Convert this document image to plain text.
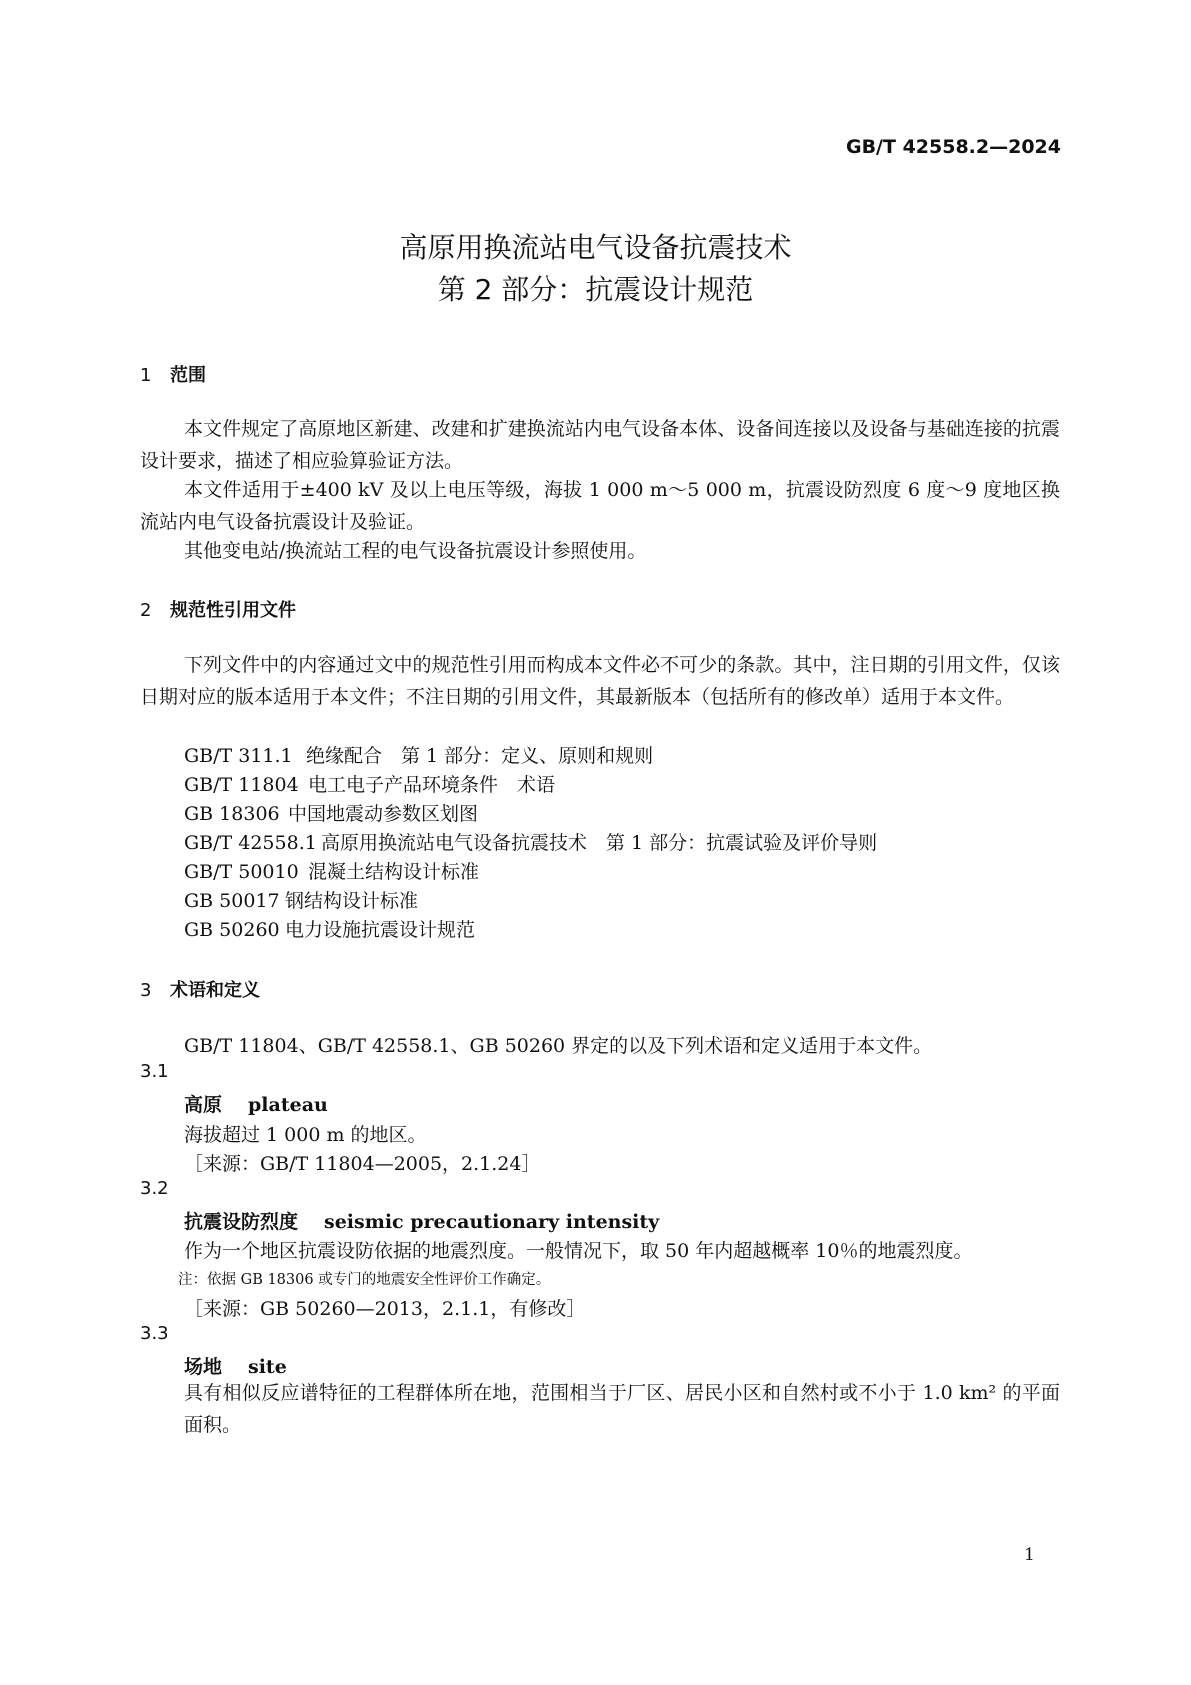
GB/T 42558.2—2024
高原用换流站电气设备抗震技术
第 2 部分：抗震设计规范
1 范围
本文件规定了高原地区新建、改建和扩建换流站内电气设备本体、设备间连接以及设备与基础连接的抗震设计要求，描述了相应验算验证方法。
本文件适用于±400 kV 及以上电压等级，海拔 1 000 m～5 000 m，抗震设防烈度 6 度～9 度地区换流站内电气设备抗震设计及验证。
其他变电站/换流站工程的电气设备抗震设计参照使用。
2 规范性引用文件
下列文件中的内容通过文中的规范性引用而构成本文件必不可少的条款。其中，注日期的引用文件，仅该日期对应的版本适用于本文件；不注日期的引用文件，其最新版本（包括所有的修改单）适用于本文件。
GB/T 311.1 绝缘配合　第 1 部分：定义、原则和规则
GB/T 11804 电工电子产品环境条件　术语
GB 18306 中国地震动参数区划图
GB/T 42558.1 高原用换流站电气设备抗震技术　第 1 部分：抗震试验及评价导则
GB/T 50010 混凝土结构设计标准
GB 50017 钢结构设计标准
GB 50260 电力设施抗震设计规范
3 术语和定义
GB/T 11804、GB/T 42558.1、GB 50260 界定的以及下列术语和定义适用于本文件。
3.1
高原 plateau
海拔超过 1 000 m 的地区。
［来源：GB/T 11804—2005，2.1.24］
3.2
抗震设防烈度 seismic precautionary intensity
作为一个地区抗震设防依据的地震烈度。一般情况下，取 50 年内超越概率 10％的地震烈度。
注：依据 GB 18306 或专门的地震安全性评价工作确定。
［来源：GB 50260—2013，2.1.1，有修改］
3.3
场地 site
具有相似反应谱特征的工程群体所在地，范围相当于厂区、居民小区和自然村或不小于 1.0 km² 的平面面积。
1
